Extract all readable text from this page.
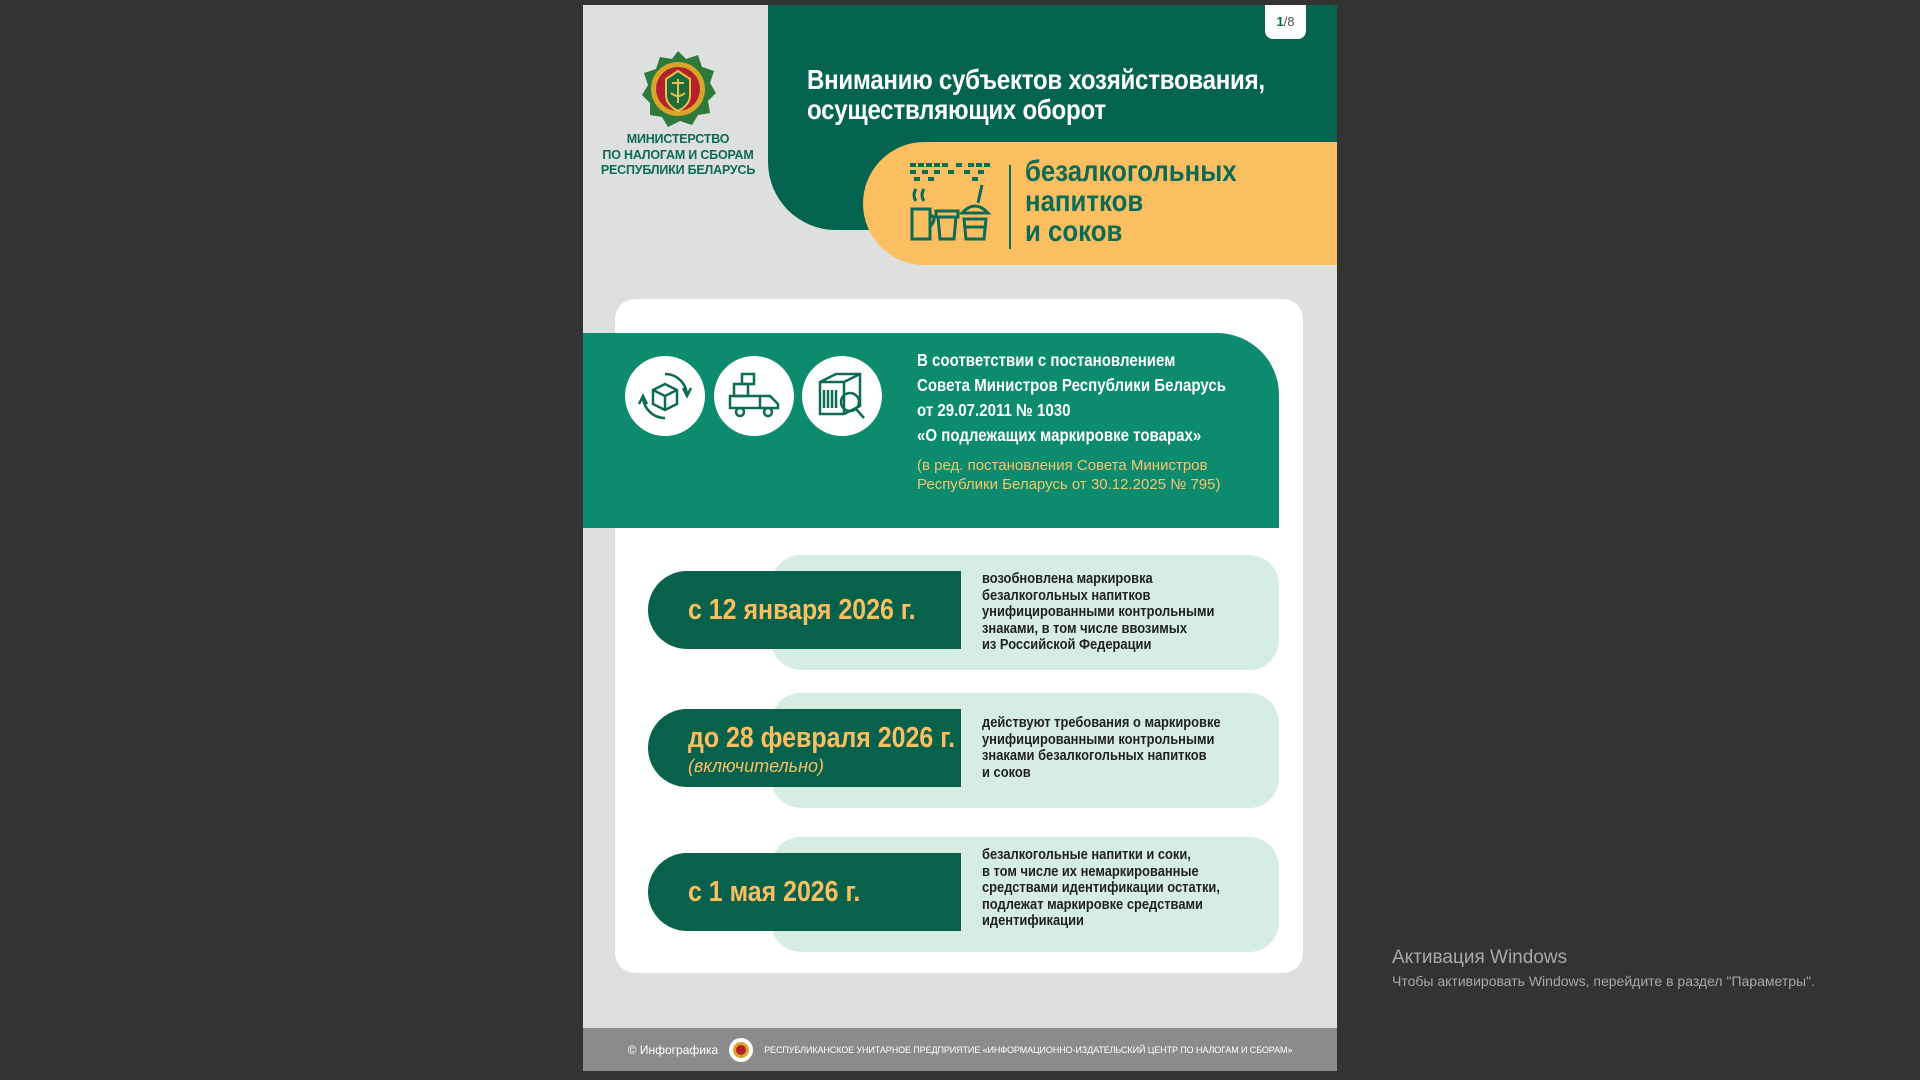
МИНИСТЕРСТВО
ПО НАЛОГАМ И СБОРАМ
РЕСПУБЛИКИ БЕЛАРУСЬ
1/8
Вниманию субъектов хозяйствования,
осуществляющих оборот
безалкогольных
напитков
и соков
В соответствии с постановлением
Совета Министров Республики Беларусь
от 29.07.2011 № 1030
«О подлежащих маркировке товарах»
(в ред. постановления Совета Министров
Республики Беларусь от 30.12.2025 № 795)
с 12 января 2026 г.
возобновлена маркировка
безалкогольных напитков
унифицированными контрольными
знаками, в том числе ввозимых
из Российской Федерации
до 28 февраля 2026 г.
(включительно)
действуют требования о маркировке
унифицированными контрольными
знаками безалкогольных напитков
и соков
с 1 мая 2026 г.
безалкогольные напитки и соки,
в том числе их немаркированные
средствами идентификации остатки,
подлежат маркировке средствами
идентификации
© Инфографика	РЕСПУБЛИКАНСКОЕ УНИТАРНОЕ ПРЕДПРИЯТИЕ «ИНФОРМАЦИОННО-ИЗДАТЕЛЬСКИЙ ЦЕНТР ПО НАЛОГАМ И СБОРАМ»
Активация Windows
Чтобы активировать Windows, перейдите в раздел "Параметры".
